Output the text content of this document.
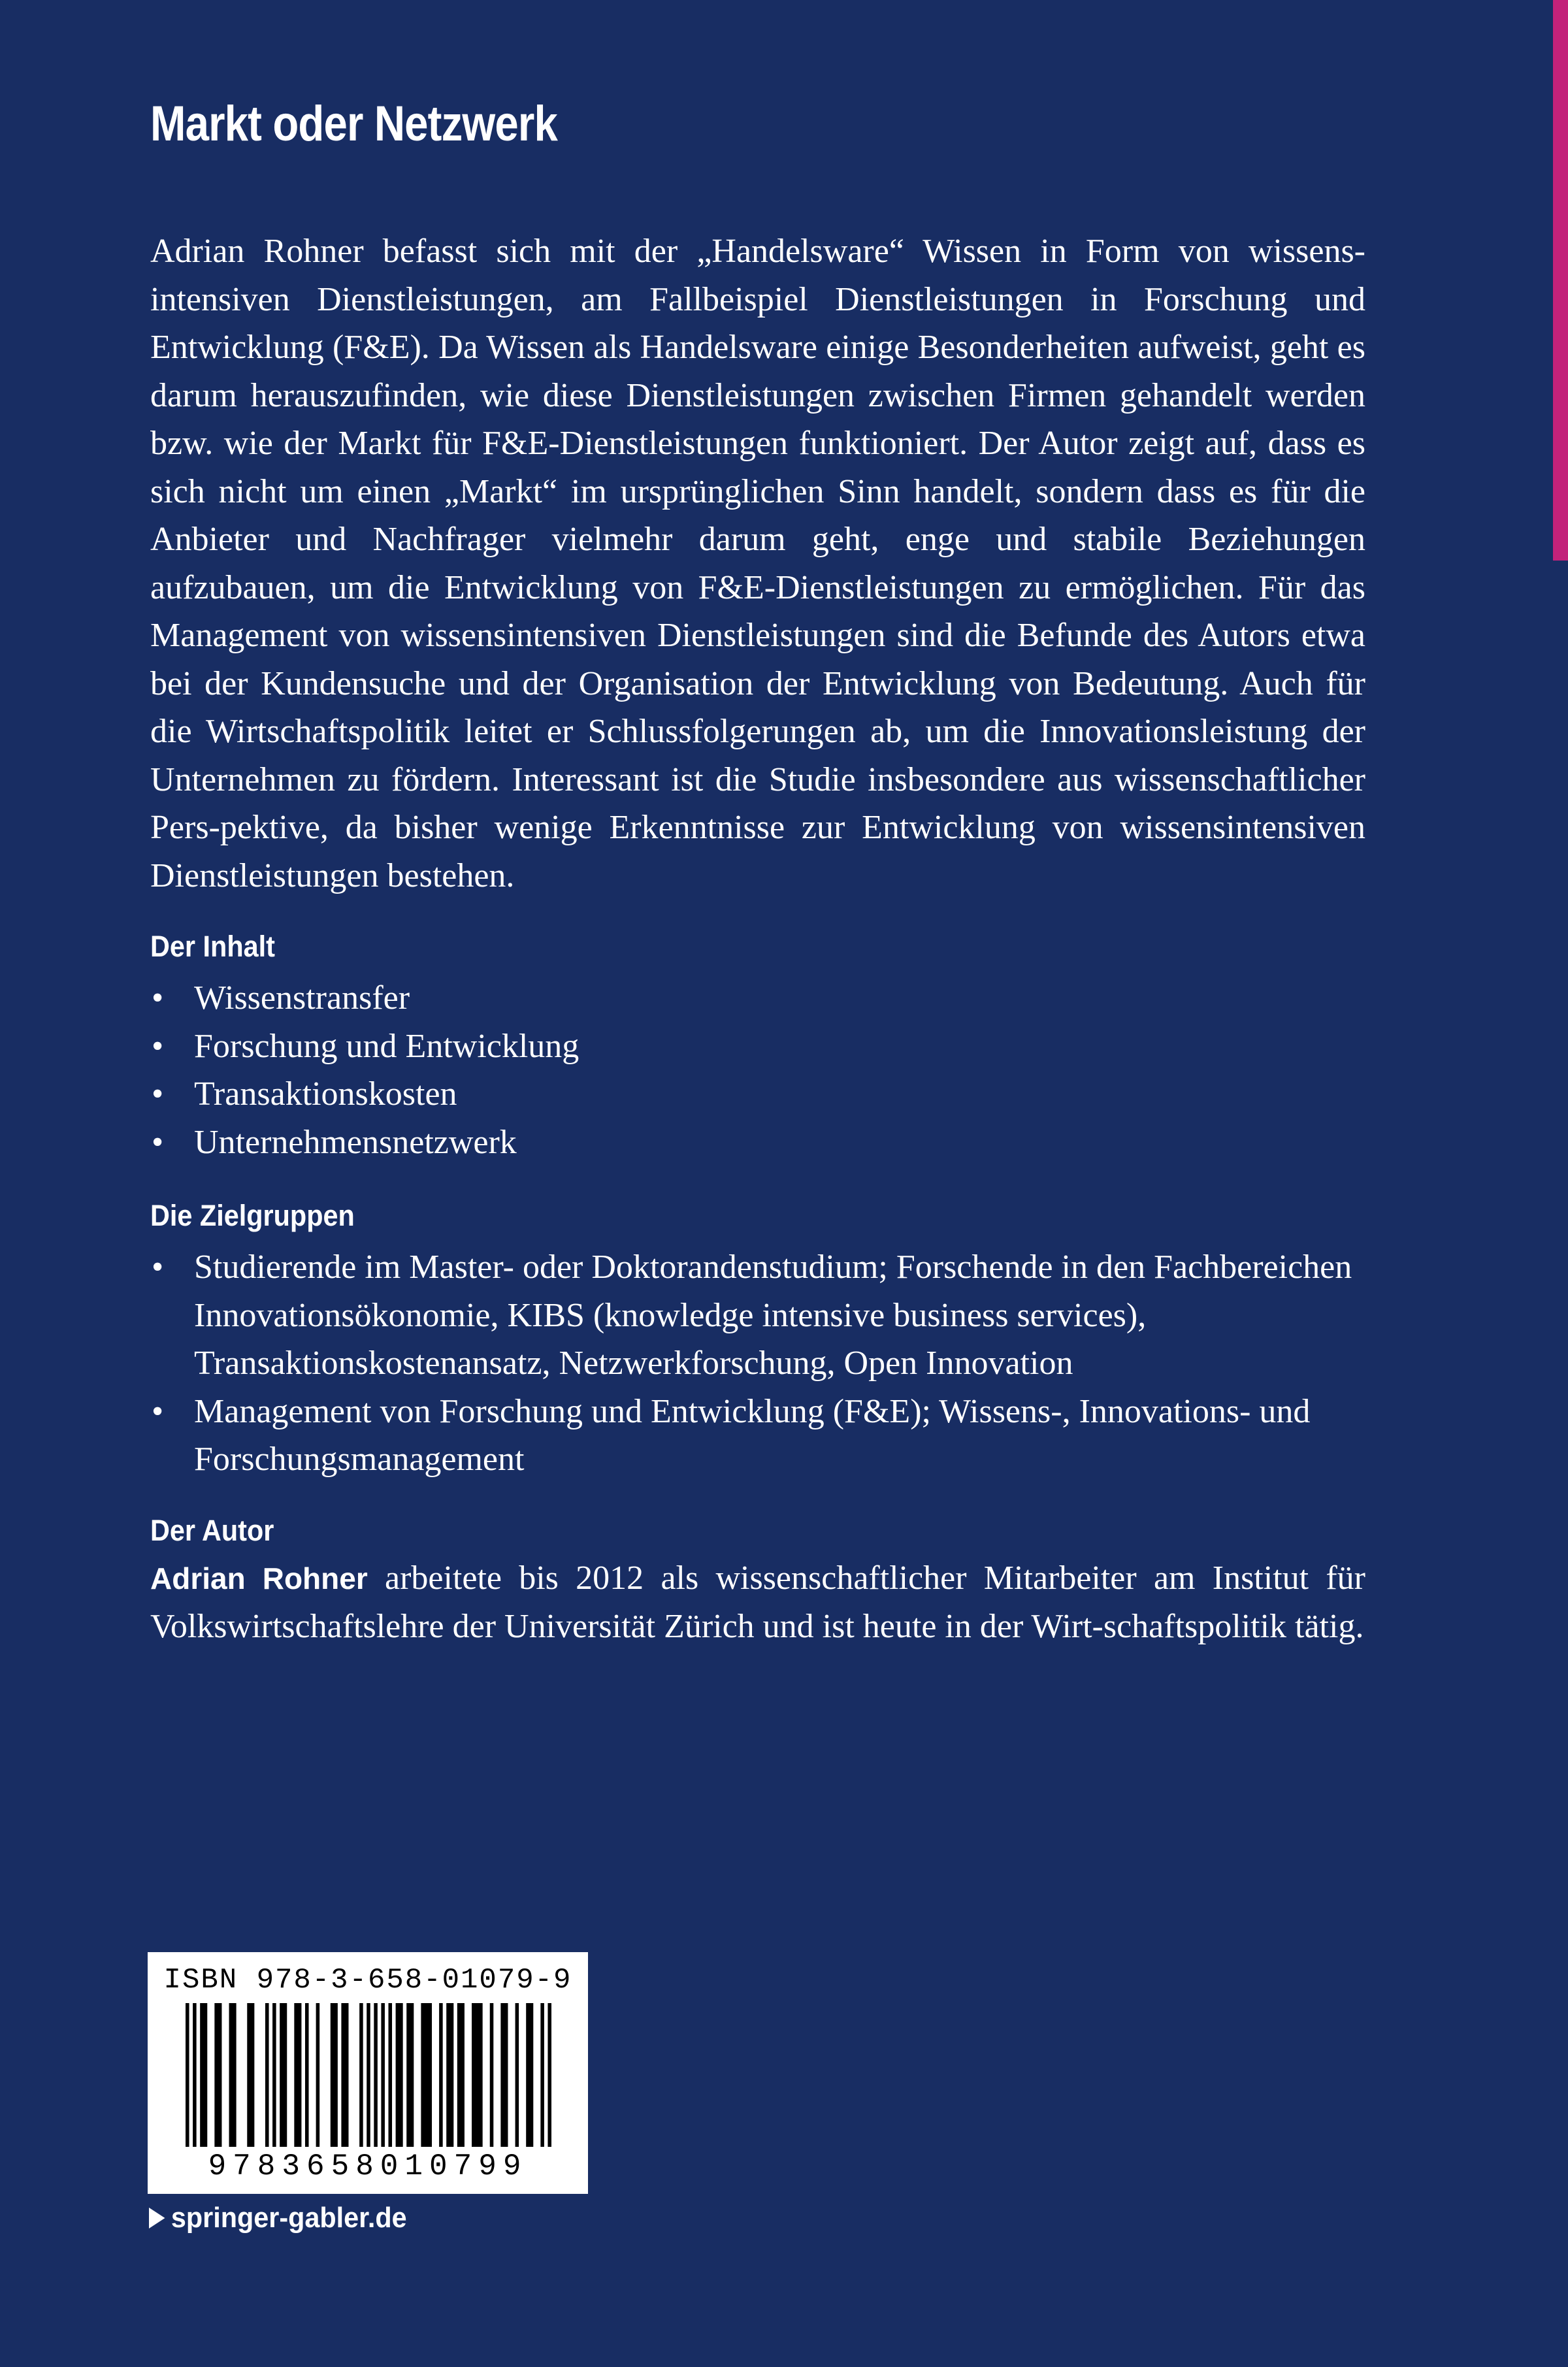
Markt oder Netzwerk

Adrian Rohner befasst sich mit der „Handelsware“ Wissen in Form von wissens-intensiven Dienstleistungen, am Fallbeispiel Dienstleistungen in Forschung und Entwicklung (F&E). Da Wissen als Handelsware einige Besonderheiten aufweist, geht es darum herauszufinden, wie diese Dienstleistungen zwischen Firmen gehandelt werden bzw. wie der Markt für F&E-Dienstleistungen funktioniert. Der Autor zeigt auf, dass es sich nicht um einen „Markt“ im ursprünglichen Sinn handelt, sondern dass es für die Anbieter und Nachfrager vielmehr darum geht, enge und stabile Beziehungen aufzubauen, um die Entwicklung von F&E-Dienstleistungen zu ermöglichen. Für das Management von wissensintensiven Dienstleistungen sind die Befunde des Autors etwa bei der Kundensuche und der Organisation der Entwicklung von Bedeutung. Auch für die Wirtschaftspolitik leitet er Schlussfolgerungen ab, um die Innovationsleistung der Unternehmen zu fördern. Interessant ist die Studie insbesondere aus wissenschaftlicher Pers-pektive, da bisher wenige Erkenntnisse zur Entwicklung von wissensintensiven Dienstleistungen bestehen.

Der Inhalt
• Wissenstransfer
• Forschung und Entwicklung
• Transaktionskosten
• Unternehmensnetzwerk
Die Zielgruppen
• Studierende im Master- oder Doktorandenstudium; Forschende in den Fachbereichen Innovationsökonomie, KIBS (knowledge intensive business services), Transaktionskostenansatz, Netzwerkforschung, Open Innovation
• Management von Forschung und Entwicklung (F&E); Wissens-, Innovations- und Forschungsmanagement
Der Autor

Adrian Rohner arbeitete bis 2012 als wissenschaftlicher Mitarbeiter am Institut für Volkswirtschaftslehre der Universität Zürich und ist heute in der Wirt-schaftspolitik tätig.

ISBN 978-3-658-01079-9
9783658010799
springer-gabler.de
